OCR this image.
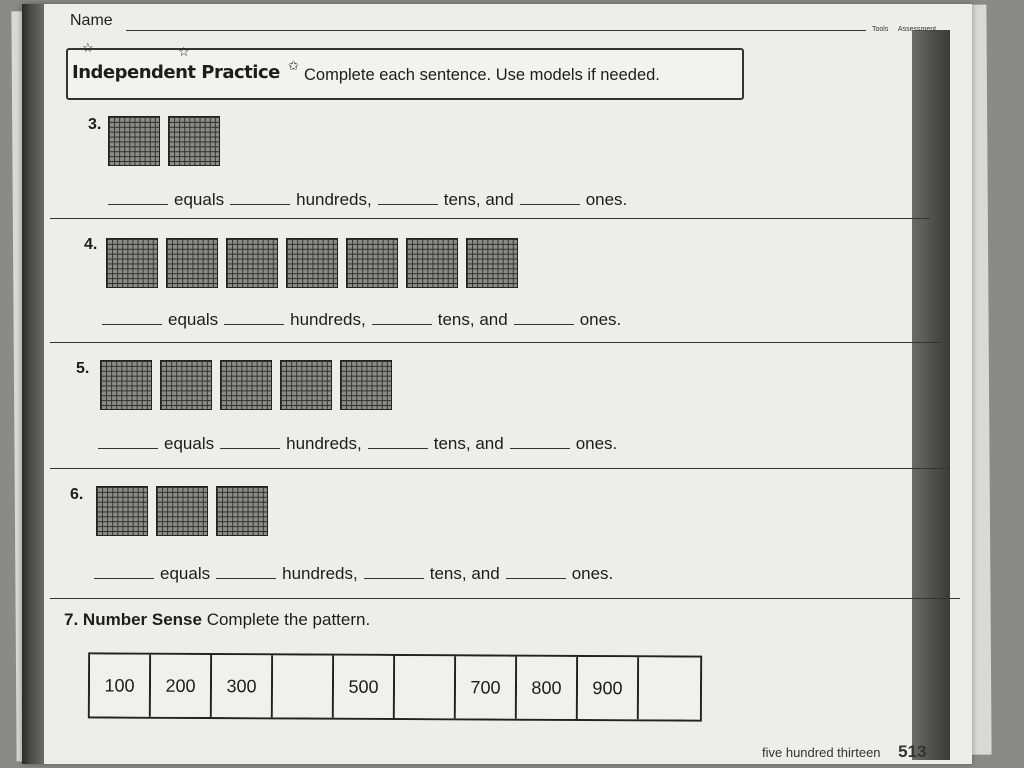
Name
Tools Assessment
☆	☆
Independent Practice ✩
Complete each sentence. Use models if needed.
3.
equals	hundreds,	tens, and	ones.
4.
equals	hundreds,	tens, and	ones.
5.
equals	hundreds,	tens, and	ones.
6.
equals	hundreds,	tens, and	ones.
7. Number Sense Complete the pattern.
100	200	300	500	700	800	900
five hundred thirteen 513
